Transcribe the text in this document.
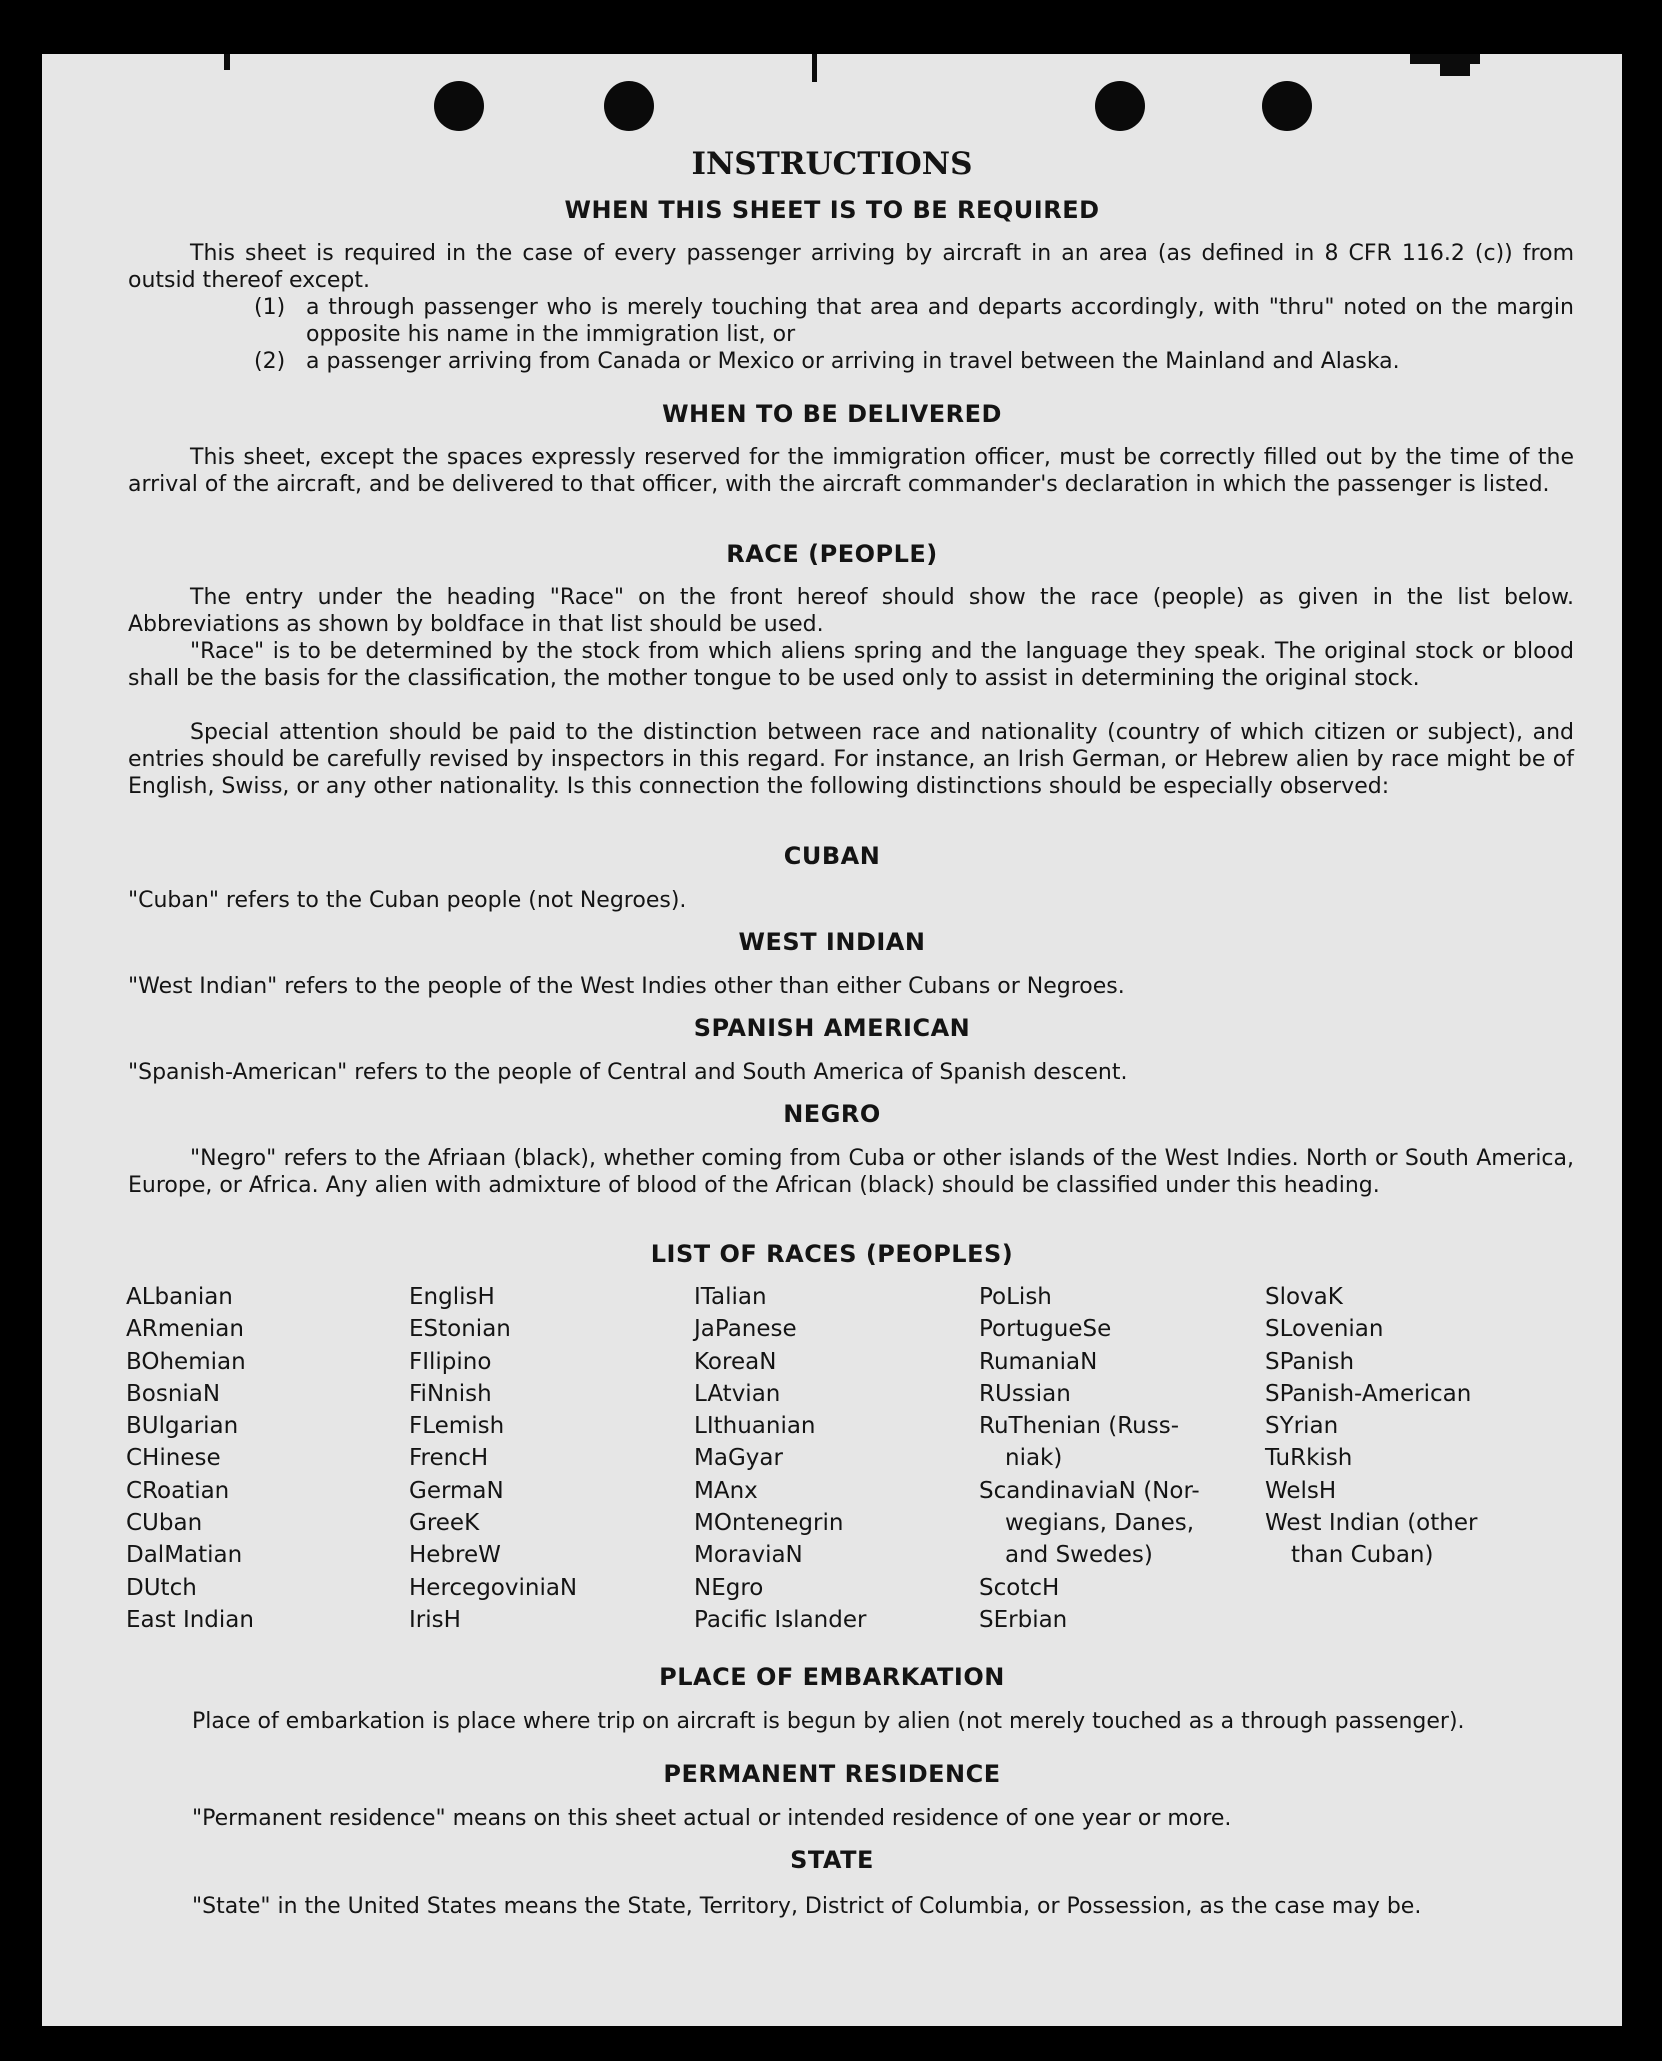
INSTRUCTIONS
WHEN THIS SHEET IS TO BE REQUIRED

This sheet is required in the case of every passenger arriving by aircraft in an area (as defined in 8 CFR 116.2 (c)) from outsid thereof except.

(1) a through passenger who is merely touching that area and departs accordingly, with "thru" noted on the margin opposite his name in the immigration list, or
(2) a passenger arriving from Canada or Mexico or arriving in travel between the Mainland and Alaska.
WHEN TO BE DELIVERED

This sheet, except the spaces expressly reserved for the immigration officer, must be correctly filled out by the time of the arrival of the aircraft, and be delivered to that officer, with the aircraft commander's declaration in which the passenger is listed.

RACE (PEOPLE)

The entry under the heading "Race" on the front hereof should show the race (people) as given in the list below. Abbreviations as shown by boldface in that list should be used.

"Race" is to be determined by the stock from which aliens spring and the language they speak. The original stock or blood shall be the basis for the classification, the mother tongue to be used only to assist in determining the original stock.

Special attention should be paid to the distinction between race and nationality (country of which citizen or subject), and entries should be carefully revised by inspectors in this regard. For instance, an Irish German, or Hebrew alien by race might be of English, Swiss, or any other nationality. Is this connection the following distinctions should be especially observed:

CUBAN

"Cuban" refers to the Cuban people (not Negroes).

WEST INDIAN

"West Indian" refers to the people of the West Indies other than either Cubans or Negroes.

SPANISH AMERICAN

"Spanish-American" refers to the people of Central and South America of Spanish descent.

NEGRO

"Negro" refers to the Afriaan (black), whether coming from Cuba or other islands of the West Indies. North or South America, Europe, or Africa. Any alien with admixture of blood of the African (black) should be classified under this heading.

LIST OF RACES (PEOPLES)
ALbanian
ARmenian
BOhemian
BosniaN
BUlgarian
CHinese
CRoatian
CUban
DalMatian
DUtch
East Indian
EnglisH
EStonian
FIlipino
FiNnish
FLemish
FrencH
GermaN
GreeK
HebreW
HercegoviniaN
IrisH
ITalian
JaPanese
KoreaN
LAtvian
LIthuanian
MaGyar
MAnx
MOntenegrin
MoraviaN
NEgro
Pacific Islander
PoLish
PortugueSe
RumaniaN
RUssian
RuThenian (Russ-
niak)
ScandinaviaN (Nor-
wegians, Danes,
and Swedes)
ScotcH
SErbian
SlovaK
SLovenian
SPanish
SPanish-American
SYrian
TuRkish
WelsH
West Indian (other
than Cuban)
PLACE OF EMBARKATION

Place of embarkation is place where trip on aircraft is begun by alien (not merely touched as a through passenger).

PERMANENT RESIDENCE

"Permanent residence" means on this sheet actual or intended residence of one year or more.

STATE

"State" in the United States means the State, Territory, District of Columbia, or Possession, as the case may be.
